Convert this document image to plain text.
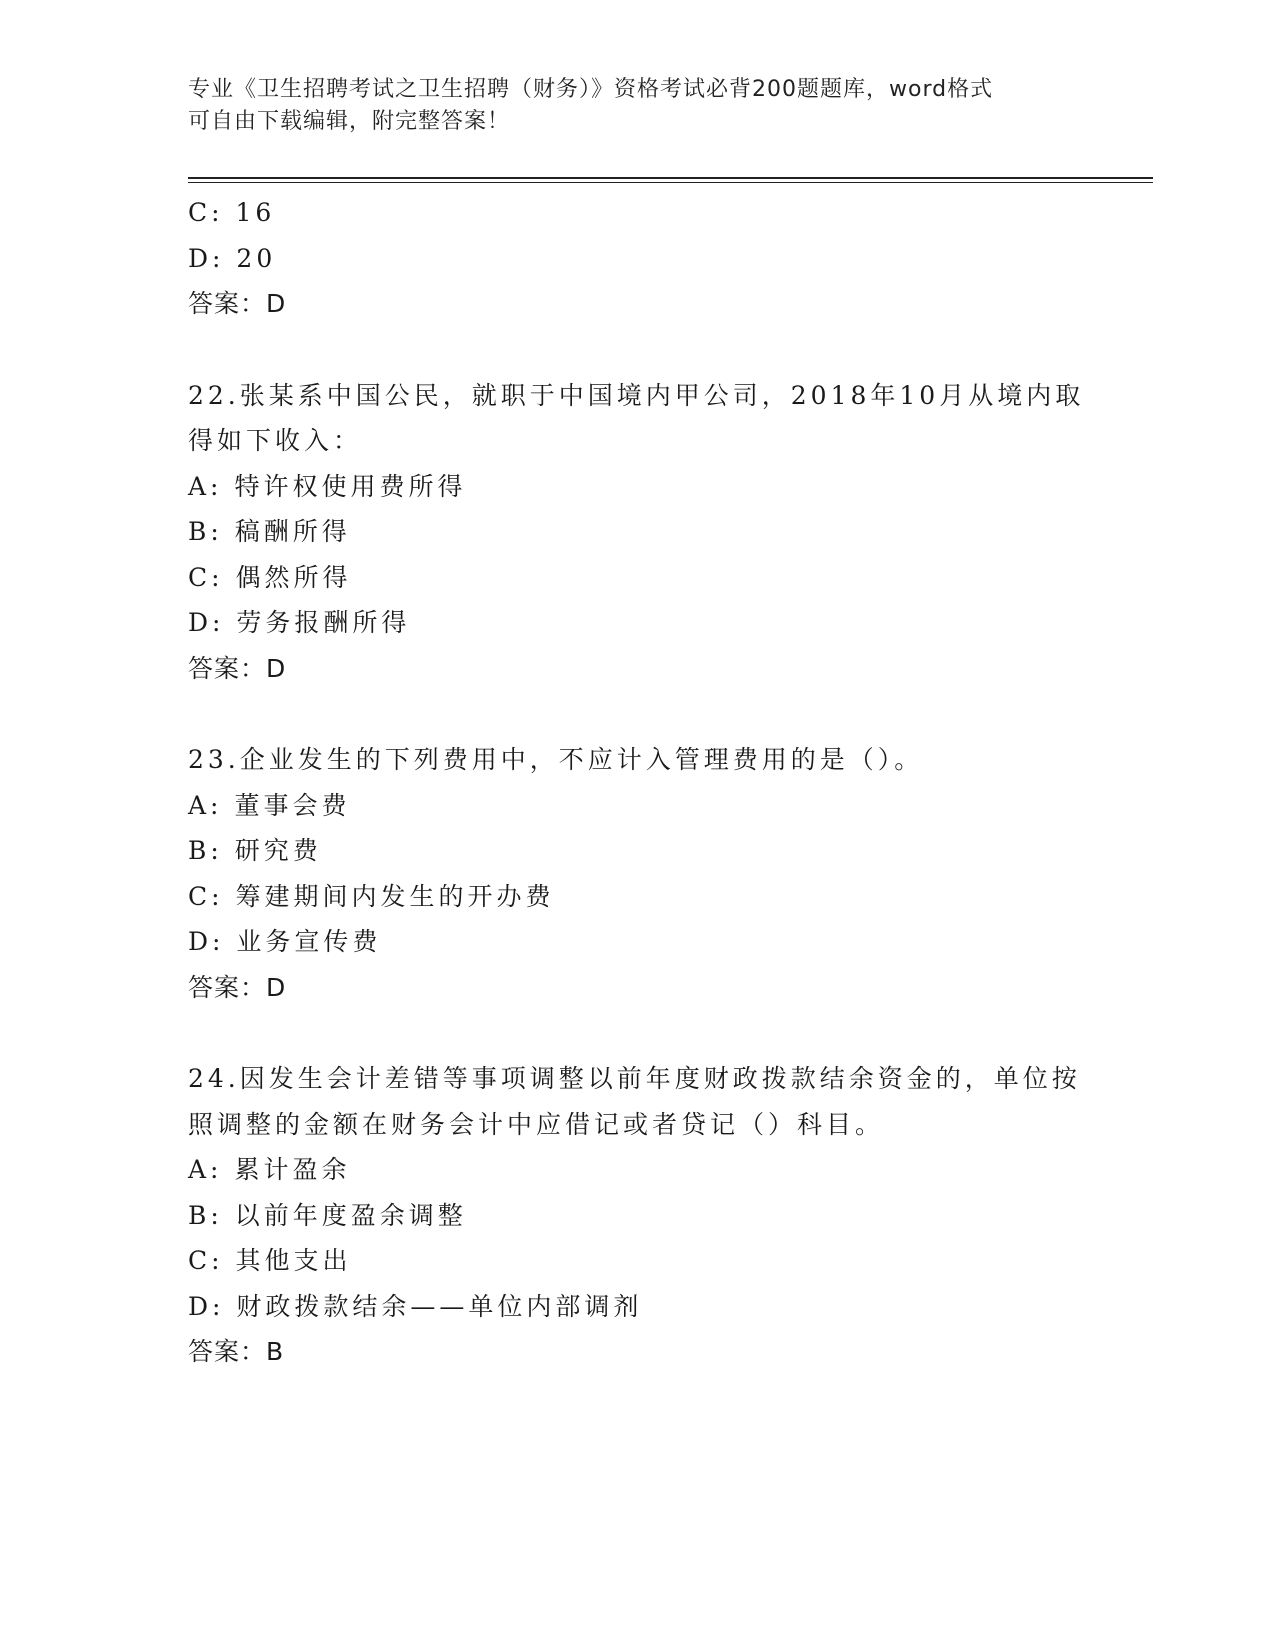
专业《卫生招聘考试之卫生招聘（财务）》资格考试必背200题题库，word格式
可自由下载编辑，附完整答案！
C: 16
D: 20
答案：D
22.张某系中国公民，就职于中国境内甲公司，2018年10月从境内取
得如下收入：
A: 特许权使用费所得
B: 稿酬所得
C: 偶然所得
D: 劳务报酬所得
答案：D
23.企业发生的下列费用中，不应计入管理费用的是（）。
A: 董事会费
B: 研究费
C: 筹建期间内发生的开办费
D: 业务宣传费
答案：D
24.因发生会计差错等事项调整以前年度财政拨款结余资金的，单位按
照调整的金额在财务会计中应借记或者贷记（）科目。
A: 累计盈余
B: 以前年度盈余调整
C: 其他支出
D: 财政拨款结余——单位内部调剂
答案：B
